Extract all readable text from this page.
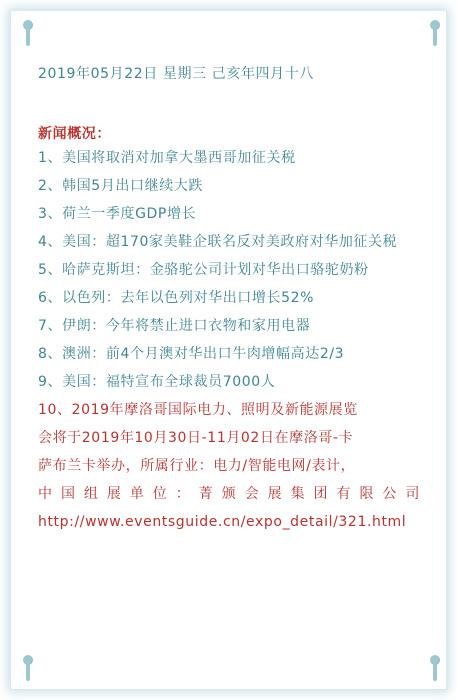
2019年05月22日 星期三 己亥年四月十八
新闻概况：
1、美国将取消对加拿大墨西哥加征关税
2、韩国5月出口继续大跌
3、荷兰一季度GDP增长
4、美国：超170家美鞋企联名反对美政府对华加征关税
5、哈萨克斯坦：金骆驼公司计划对华出口骆驼奶粉
6、以色列：去年以色列对华出口增长52%
7、伊朗：今年将禁止进口衣物和家用电器
8、澳洲：前4个月澳对华出口牛肉增幅高达2/3
9、美国：福特宣布全球裁员7000人
10、2019年摩洛哥国际电力、照明及新能源展览
会将于2019年10月30日-11月02日在摩洛哥-卡
萨布兰卡举办，所属行业：电力/智能电网/表计，
中国组展单位：菁颁会展集团有限公司
http://www.eventsguide.cn/expo_detail/321.html
